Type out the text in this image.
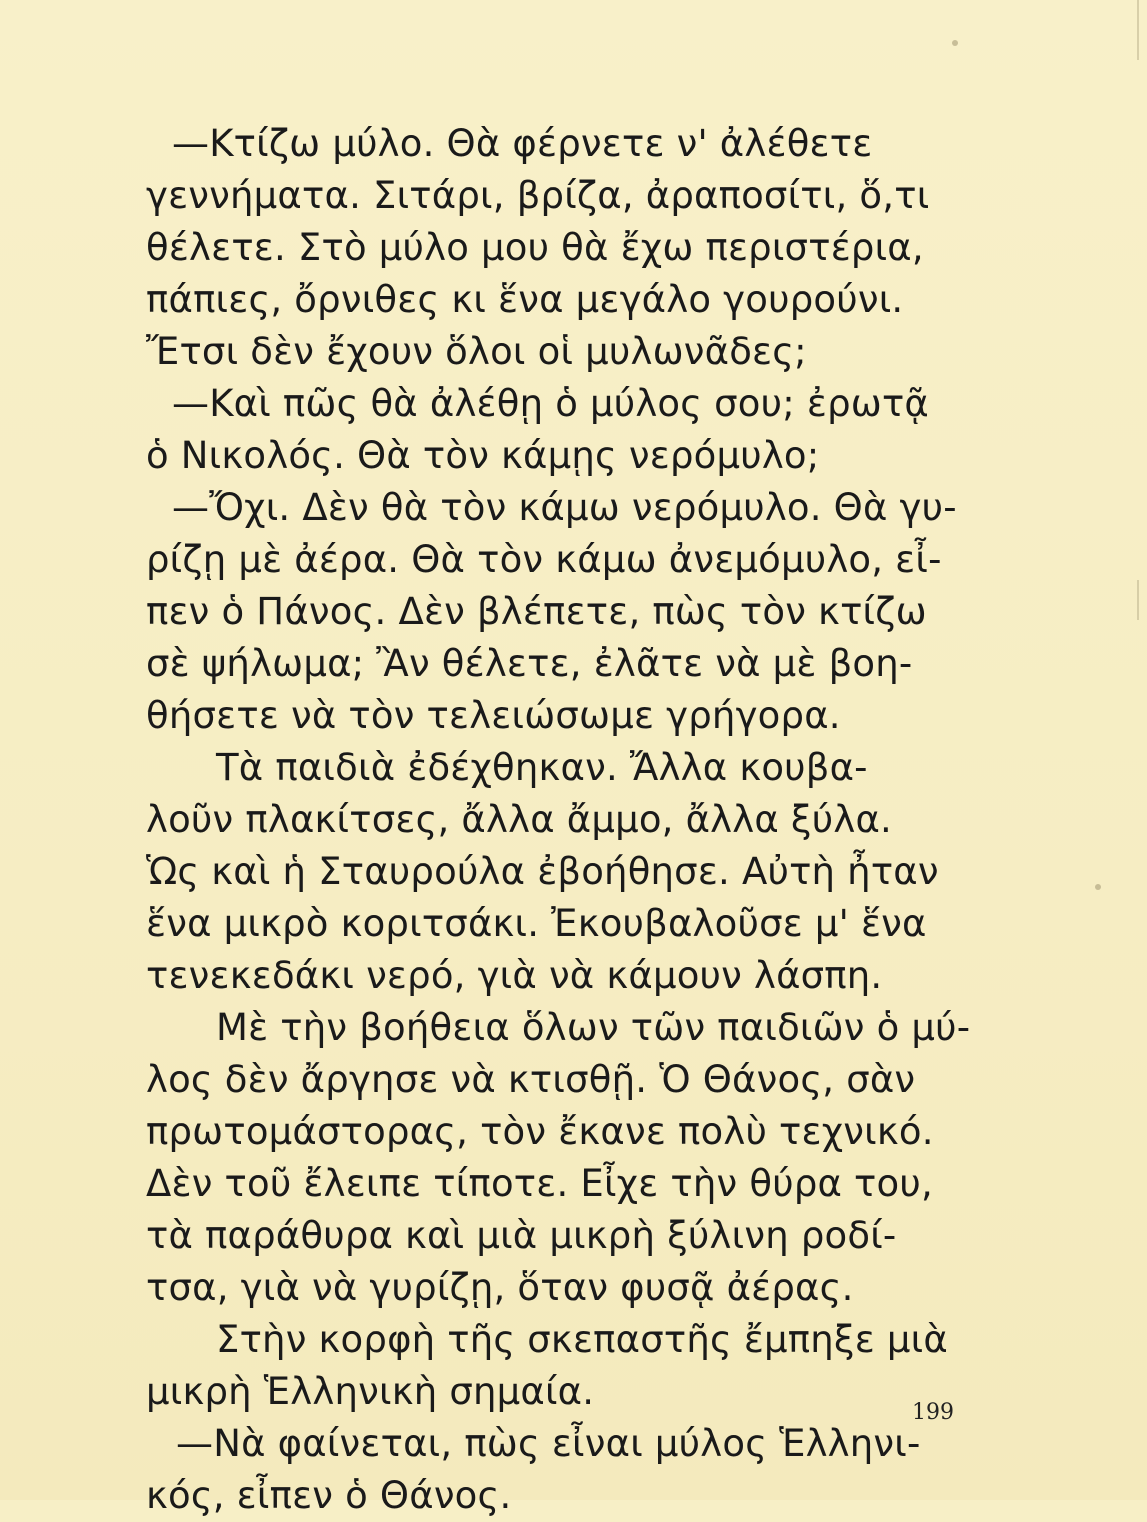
—Κτίζω μύλο. Θὰ φέρνετε ν' ἀλέθετε
γεννήματα. Σιτάρι, βρίζα, ἀραποσίτι, ὅ,τι
θέλετε. Στὸ μύλο μου θὰ ἔχω περιστέρια,
πάπιες, ὄρνιθες κι ἕνα μεγάλο γουρούνι.
Ἔτσι δὲν ἔχουν ὅλοι οἱ μυλωνᾶδες;
—Καὶ πῶς θὰ ἀλέθῃ ὁ μύλος σου; ἐρωτᾷ
ὁ Νικολός. Θὰ τὸν κάμῃς νερόμυλο;
—Ὄχι. Δὲν θὰ τὸν κάμω νερόμυλο. Θὰ γυ-
ρίζῃ μὲ ἀέρα. Θὰ τὸν κάμω ἀνεμόμυλο, εἶ-
πεν ὁ Πάνος. Δὲν βλέπετε, πὼς τὸν κτίζω
σὲ ψήλωμα; Ἂν θέλετε, ἐλᾶτε νὰ μὲ βοη-
θήσετε νὰ τὸν τελειώσωμε γρήγορα.
Τὰ παιδιὰ ἐδέχθηκαν. Ἄλλα κουβα-
λοῦν πλακίτσες, ἄλλα ἄμμο, ἄλλα ξύλα.
Ὡς καὶ ἡ Σταυρούλα ἐβοήθησε. Αὐτὴ ἦταν
ἕνα μικρὸ κοριτσάκι. Ἐκουβαλοῦσε μ' ἕνα
τενεκεδάκι νερό, γιὰ νὰ κάμουν λάσπη.
Μὲ τὴν βοήθεια ὅλων τῶν παιδιῶν ὁ μύ-
λος δὲν ἄργησε νὰ κτισθῇ. Ὁ Θάνος, σὰν
πρωτομάστορας, τὸν ἔκανε πολὺ τεχνικό.
Δὲν τοῦ ἔλειπε τίποτε. Εἶχε τὴν θύρα του,
τὰ παράθυρα καὶ μιὰ μικρὴ ξύλινη ροδί-
τσα, γιὰ νὰ γυρίζῃ, ὅταν φυσᾷ ἀέρας.
Στὴν κορφὴ τῆς σκεπαστῆς ἔμπηξε μιὰ
μικρὴ Ἑλληνικὴ σημαία.
—Νὰ φαίνεται, πὼς εἶναι μύλος Ἑλληνι-
κός, εἶπεν ὁ Θάνος.
199
